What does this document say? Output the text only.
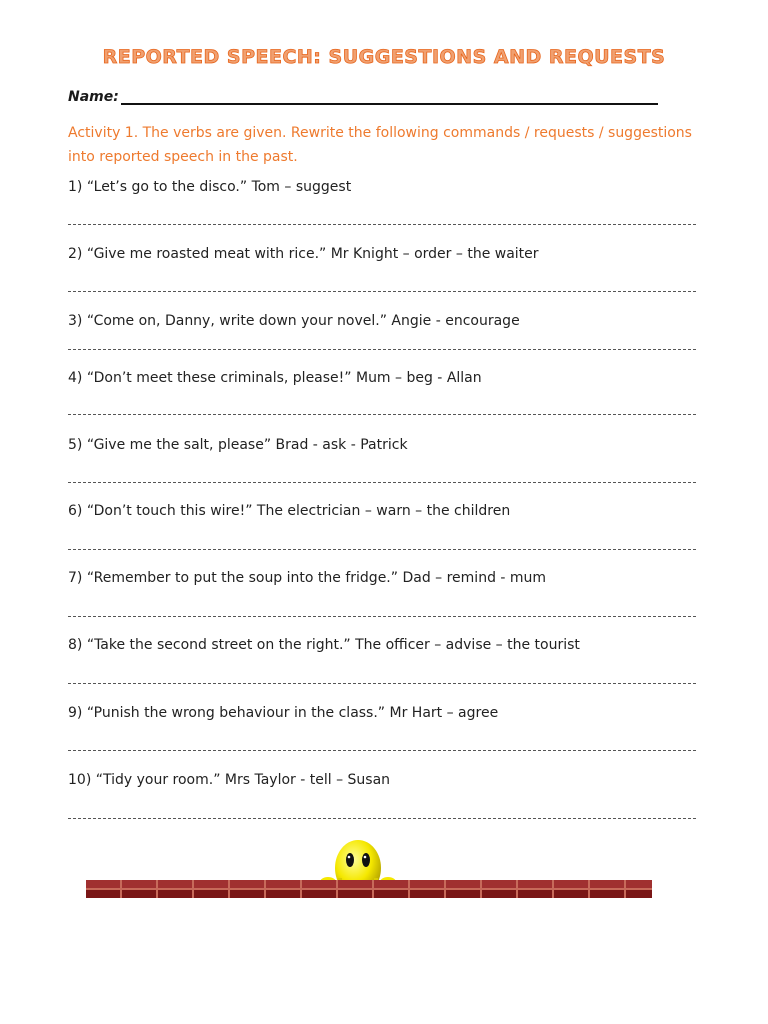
REPORTED SPEECH: SUGGESTIONS AND REQUESTS
Name:
Activity 1. The verbs are given. Rewrite the following commands / requests / suggestions into reported speech in the past.
1) “Let’s go to the disco.” Tom – suggest
2) “Give me roasted meat with rice.” Mr Knight – order – the waiter
3) “Come on, Danny, write down your novel.” Angie - encourage
4) “Don’t meet these criminals, please!” Mum – beg - Allan
5) “Give me the salt, please” Brad - ask - Patrick
6) “Don’t touch this wire!” The electrician – warn – the children
7) “Remember to put the soup into the fridge.” Dad – remind - mum
8) “Take the second street on the right.” The officer – advise – the tourist
9) “Punish the wrong behaviour in the class.” Mr Hart – agree
10) “Tidy your room.” Mrs Taylor - tell – Susan
